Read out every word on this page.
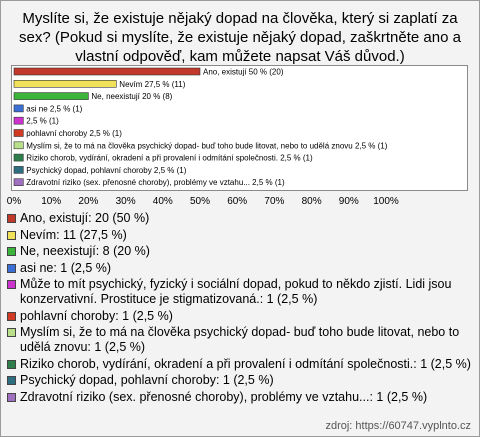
Myslíte si, že existuje nějaký dopad na člověka, který si zaplatí za sex? (Pokud si myslíte, že existuje nějaký dopad, zaškrtněte ano a vlastní odpověď, kam můžete napsat Váš důvod.)
Ano, existují 50 % (20)
Nevím 27,5 % (11)
Ne, neexistují 20 % (8)
asi ne 2,5 % (1)
2,5 % (1)
pohlavní choroby 2,5 % (1)
Myslím si, že to má na člověka psychický dopad- buď toho bude litovat, nebo to udělá znovu 2,5 % (1)
Riziko chorob, vydírání, okradení a při provalení i odmítání společnosti. 2,5 % (1)
Psychický dopad, pohlavní choroby 2,5 % (1)
Zdravotní riziko (sex. přenosné choroby), problémy ve vztahu... 2,5 % (1)
0% 10% 20% 30% 40% 50% 60% 70% 80% 90% 100%
Ano, existují: 20 (50 %)
Nevím: 11 (27,5 %)
Ne, neexistují: 8 (20 %)
asi ne: 1 (2,5 %)
Může to mít psychický, fyzický i sociální dopad, pokud to někdo zjistí. Lidi jsou konzervativní. Prostituce je stigmatizovaná.: 1 (2,5 %)
pohlavní choroby: 1 (2,5 %)
Myslím si, že to má na člověka psychický dopad- buď toho bude litovat, nebo to udělá znovu: 1 (2,5 %)
Riziko chorob, vydírání, okradení a při provalení i odmítání společnosti.: 1 (2,5 %)
Psychický dopad, pohlavní choroby: 1 (2,5 %)
Zdravotní riziko (sex. přenosné choroby), problémy ve vztahu...: 1 (2,5 %)
zdroj: https://60747.vyplnto.cz
